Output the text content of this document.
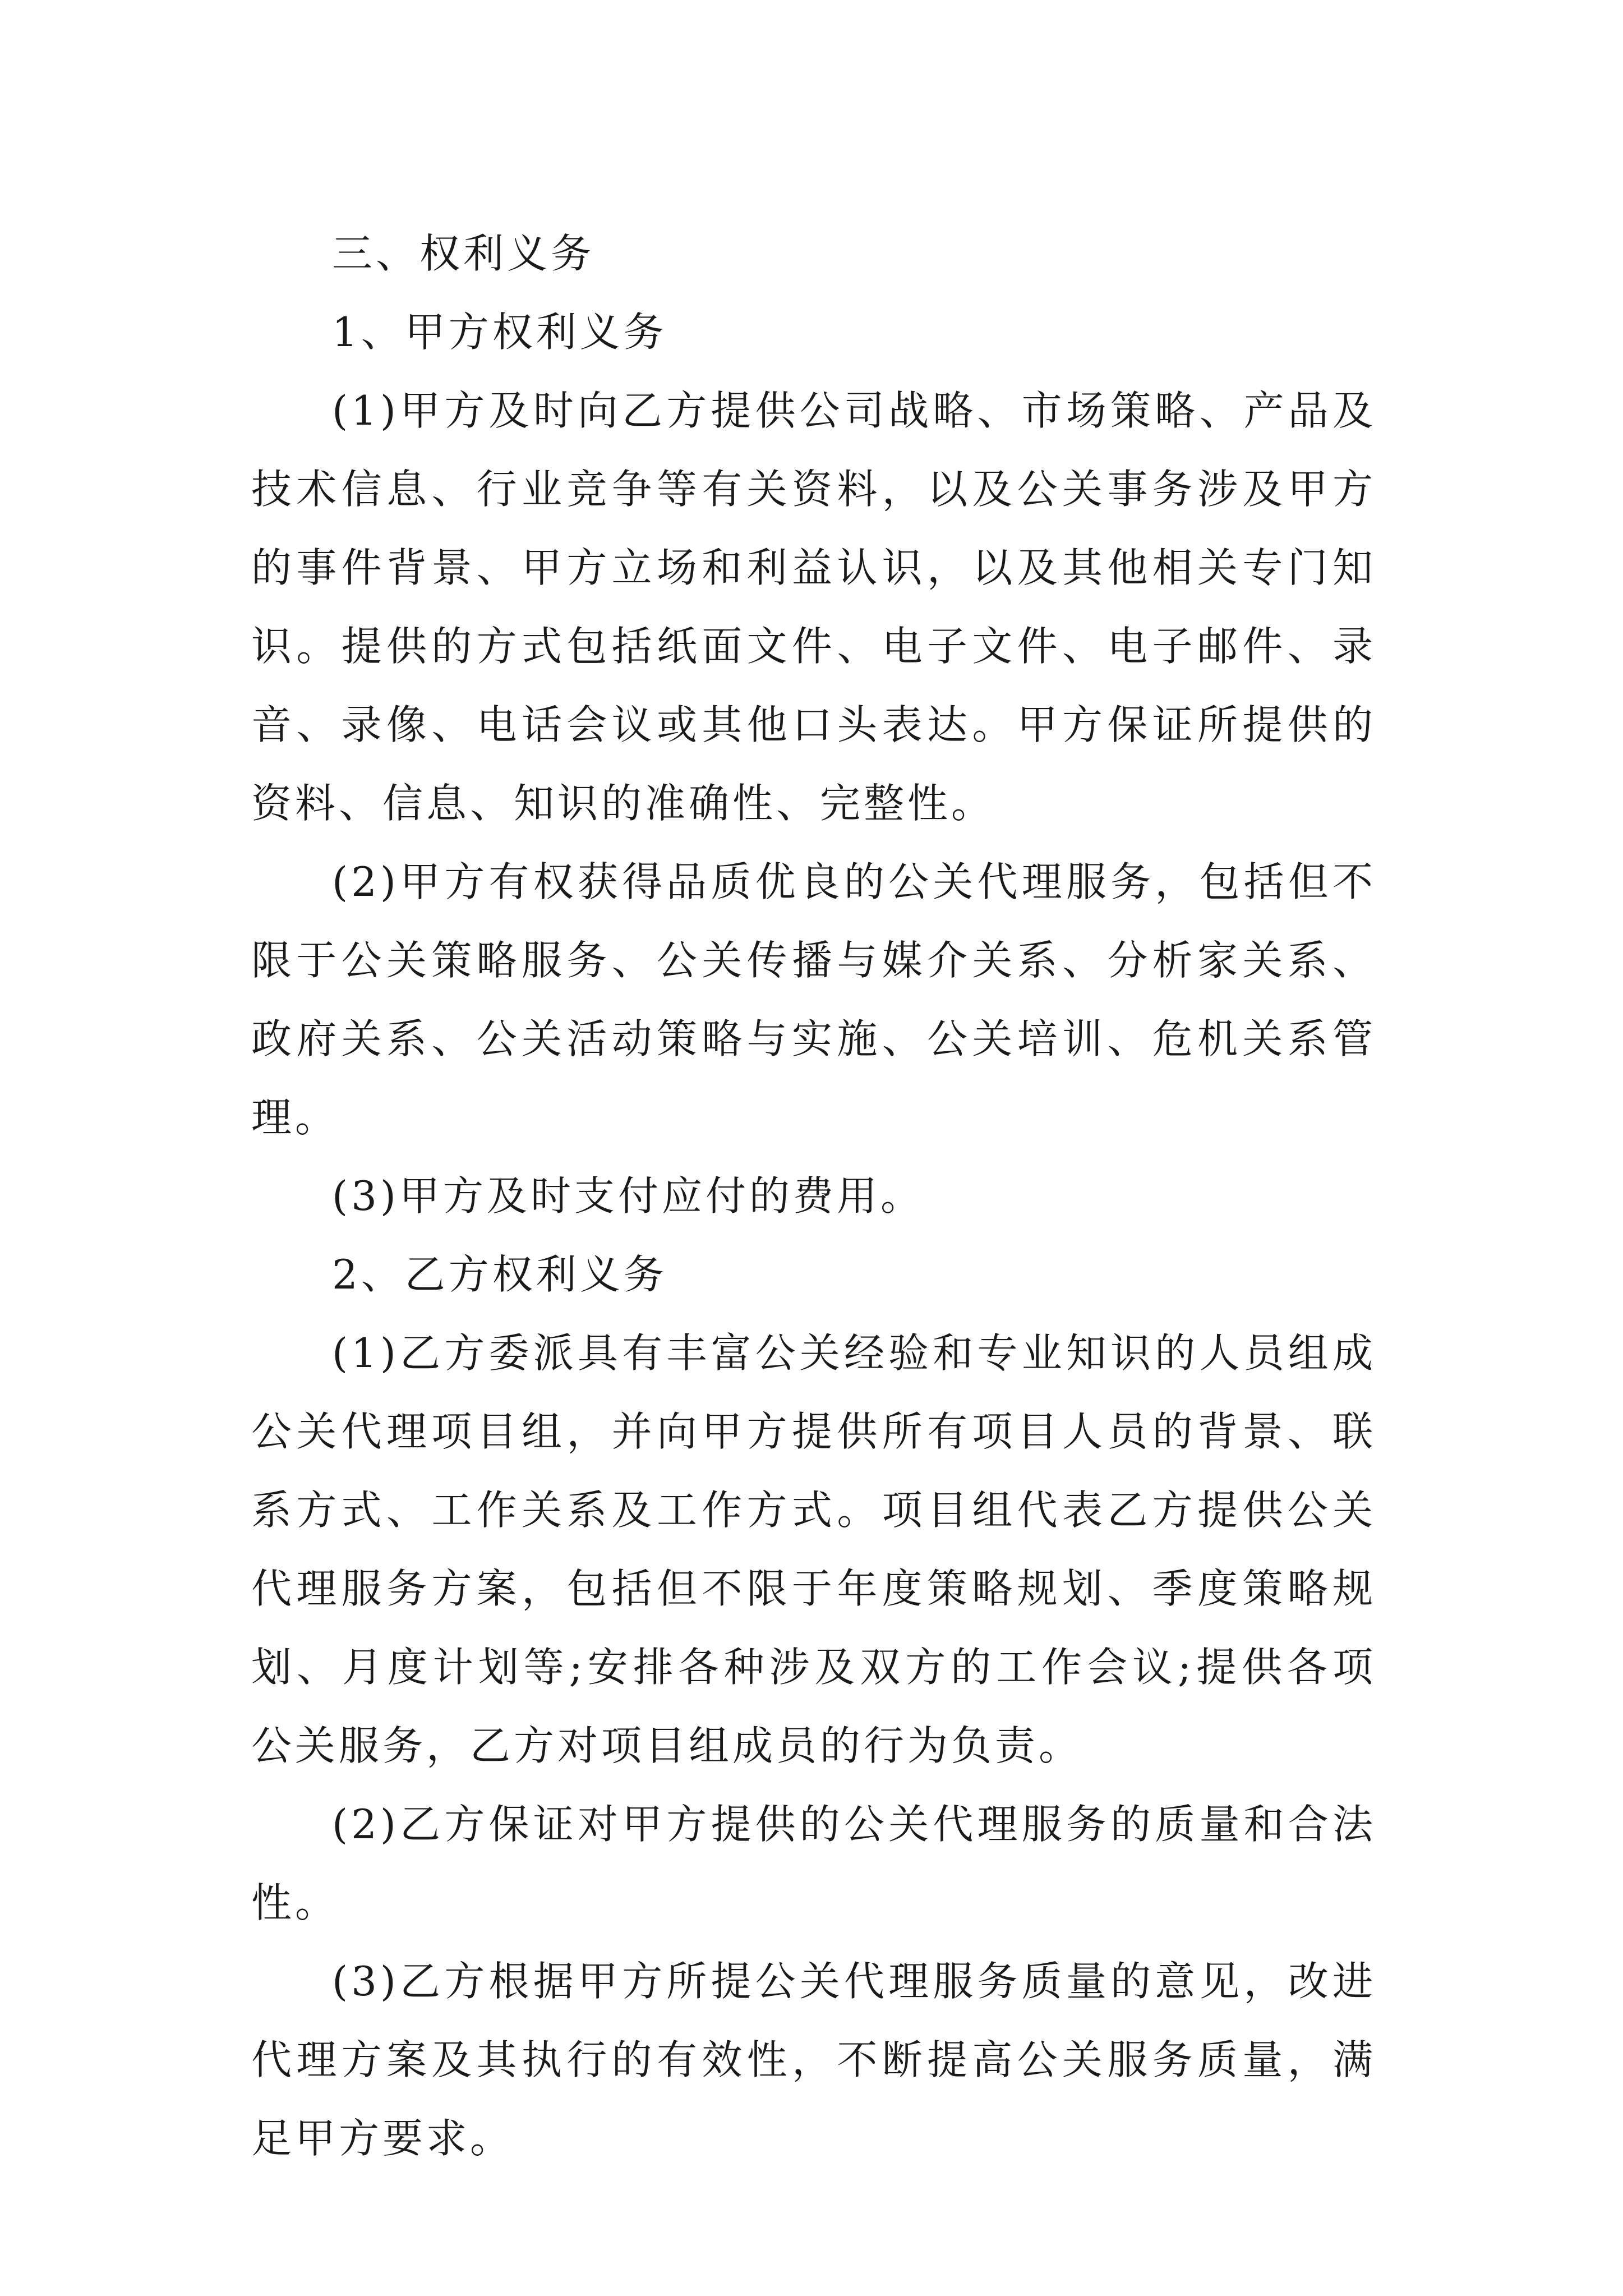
三、权利义务

1、甲方权利义务

(1)甲方及时向乙方提供公司战略、市场策略、产品及技术信息、行业竞争等有关资料，以及公关事务涉及甲方的事件背景、甲方立场和利益认识，以及其他相关专门知识。提供的方式包括纸面文件、电子文件、电子邮件、录音、录像、电话会议或其他口头表达。甲方保证所提供的资料、信息、知识的准确性、完整性。

(2)甲方有权获得品质优良的公关代理服务，包括但不限于公关策略服务、公关传播与媒介关系、分析家关系、政府关系、公关活动策略与实施、公关培训、危机关系管理。

(3)甲方及时支付应付的费用。

2、乙方权利义务

(1)乙方委派具有丰富公关经验和专业知识的人员组成公关代理项目组，并向甲方提供所有项目人员的背景、联系方式、工作关系及工作方式。项目组代表乙方提供公关代理服务方案，包括但不限于年度策略规划、季度策略规划、月度计划等;安排各种涉及双方的工作会议;提供各项公关服务，乙方对项目组成员的行为负责。

(2)乙方保证对甲方提供的公关代理服务的质量和合法性。

(3)乙方根据甲方所提公关代理服务质量的意见，改进代理方案及其执行的有效性，不断提高公关服务质量，满足甲方要求。
